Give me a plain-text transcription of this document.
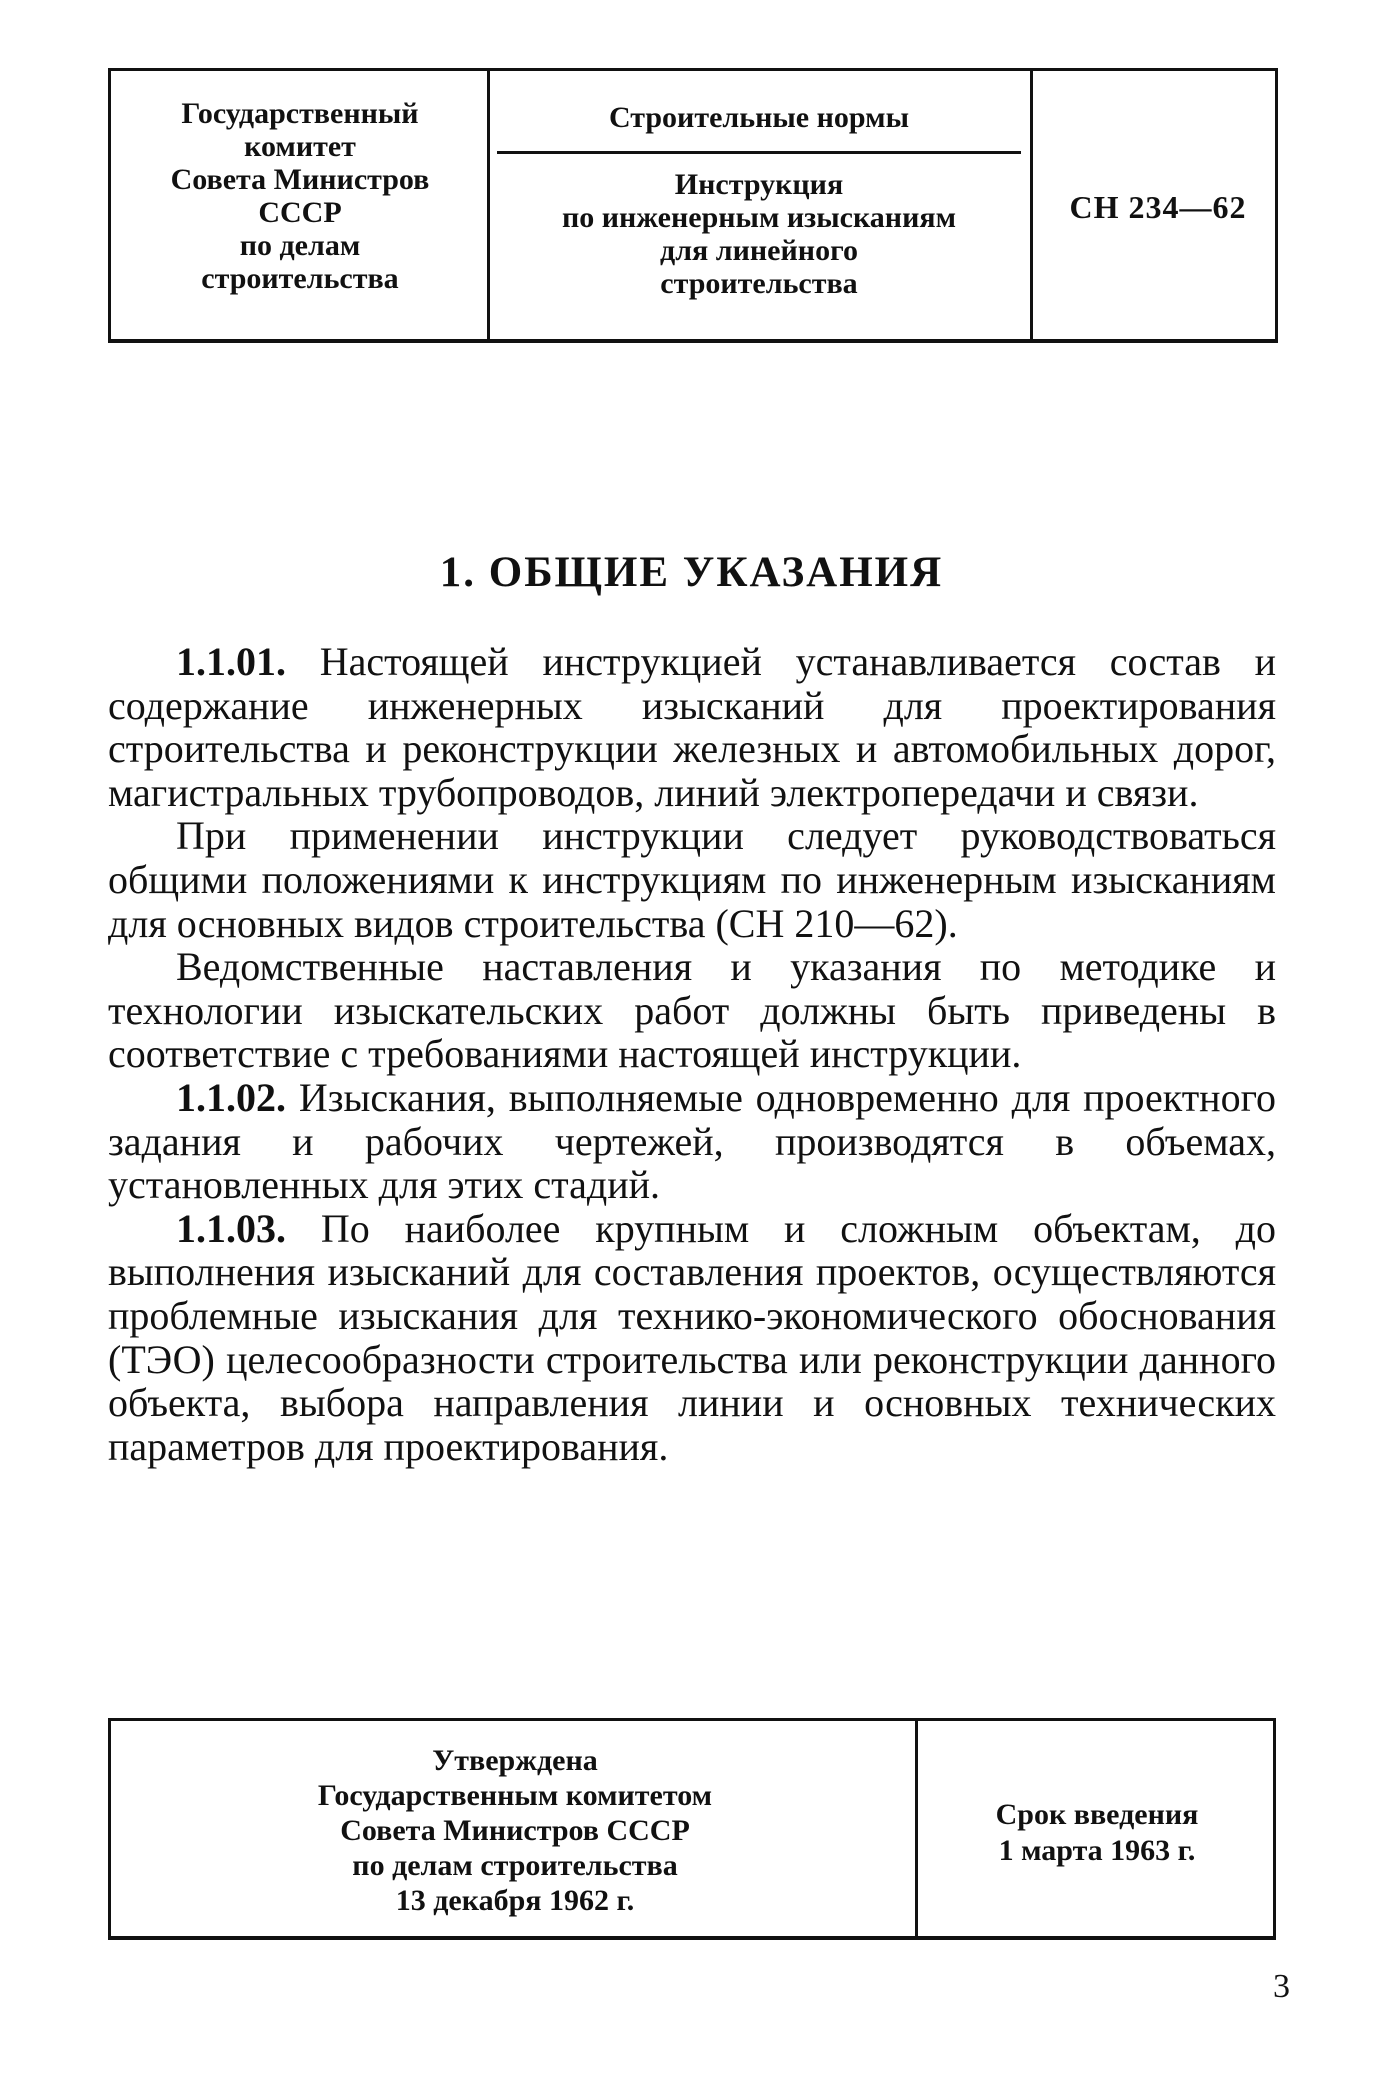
Государственный
комитет
Совета Министров
СССР
по делам
строительства
Строительные нормы
Инструкция
по инженерным изысканиям
для линейного
строительства
СН 234—62
1. ОБЩИЕ УКАЗАНИЯ

1.1.01. Настоящей инструкцией устанавливается состав и содержание инженерных изысканий для проектирования строительства и реконструкции железных и автомобильных дорог, магистральных трубопроводов, линий электропередачи и связи.

При применении инструкции следует руководствоваться общими положениями к инструкциям по инженерным изысканиям для основных видов строительства (СН 210—62).

Ведомственные наставления и указания по методике и технологии изыскательских работ должны быть приведены в соответствие с требованиями настоящей инструкции.

1.1.02. Изыскания, выполняемые одновременно для проектного задания и рабочих чертежей, производятся в объемах, установленных для этих стадий.

1.1.03. По наиболее крупным и сложным объектам, до выполнения изысканий для составления проектов, осуществляются проблемные изыскания для технико-экономического обоснования (ТЭО) целесообразности строительства или реконструкции данного объекта, выбора направления линии и основных технических параметров для проектирования.

Утверждена
Государственным комитетом
Совета Министров СССР
по делам строительства
13 декабря 1962 г.
Срок введения
1 марта 1963 г.
3
